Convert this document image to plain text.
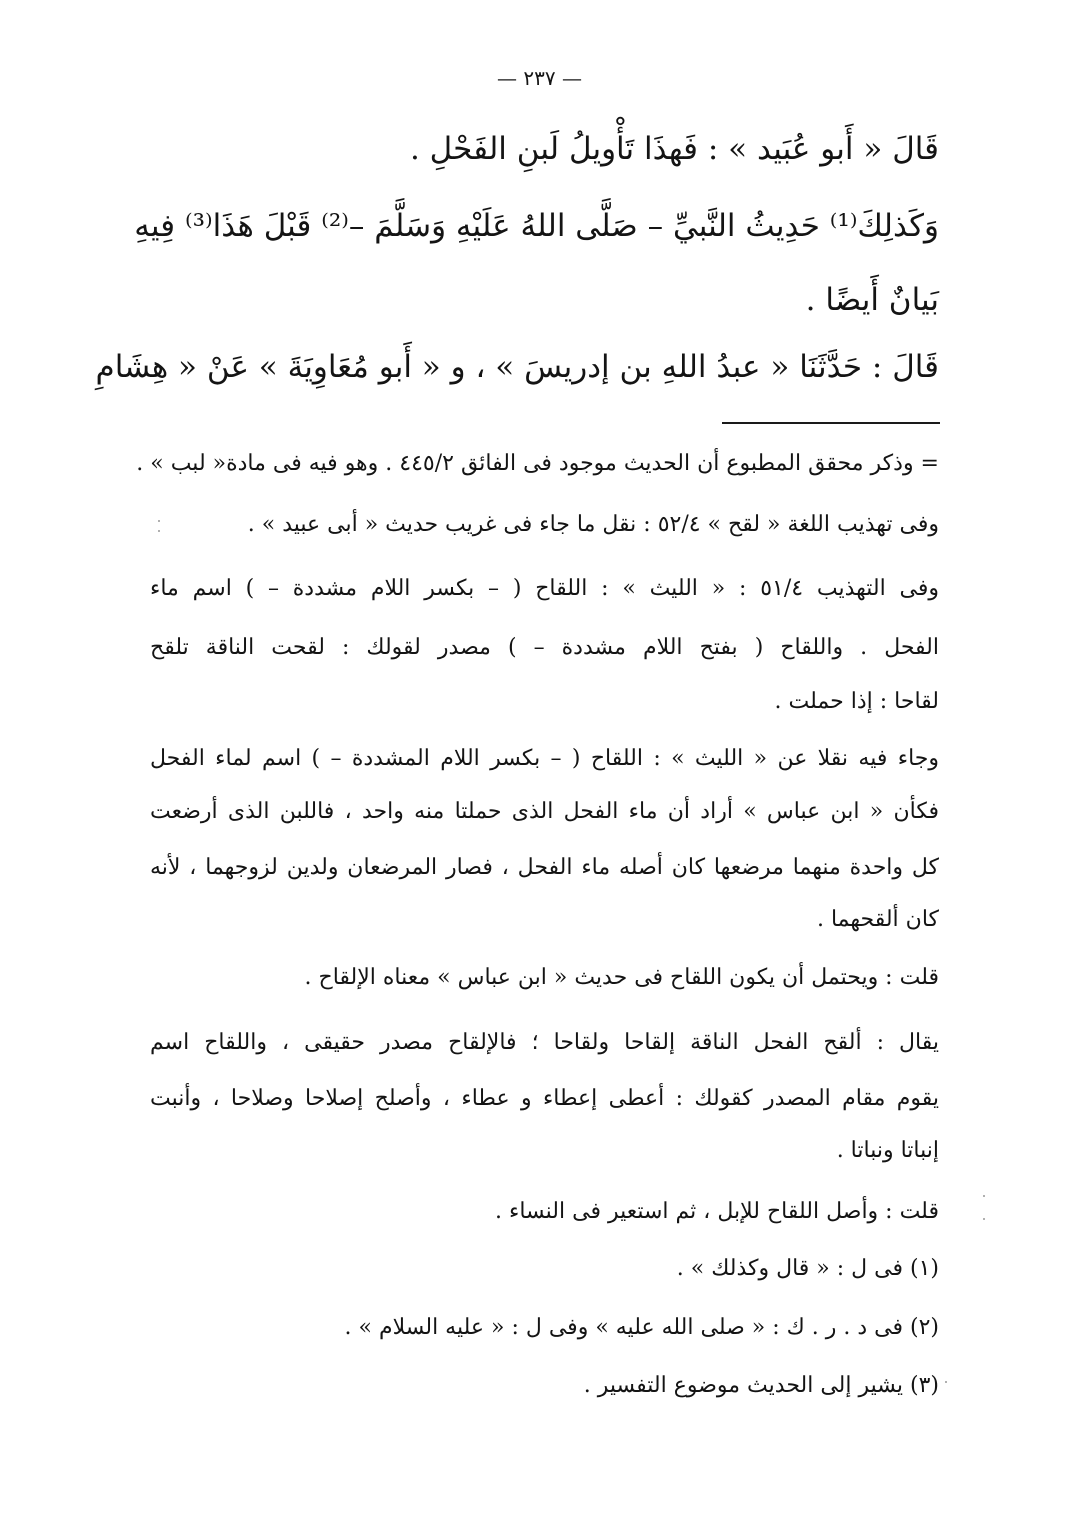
— ٢٣٧ —
قَالَ « أَبو عُبَيد » : فَهذَا تَأْويلُ لَبنِ الفَحْلِ .
وَكَذلِكَ⁽¹⁾ حَدِيثُ النَّبيِّ – صَلَّى اللهُ عَلَيْهِ وَسَلَّمَ –⁽²⁾ قَبْلَ هَذَا⁽³⁾ فِيهِ
بَيانٌ أَيضًا .
قَالَ : حَدَّثَنَا « عبدُ اللهِ بن إدريسَ » ، و « أَبو مُعَاوِيَةَ » عَنْ « هِشَامِ
= وذكر محقق المطبوع أن الحديث موجود فى الفائق ٤٤٥/٢ . وهو فيه فى مادة« لبب » .
وفى تهذيب اللغة « لقح » ٥٢/٤ : نقل ما جاء فى غريب حديث « أبى عبيد » .
وفى التهذيب ٥١/٤ : « الليث » : اللقاح ( – بكسر اللام مشددة – ) اسم ماء
الفحل . واللقاح ( بفتح اللام مشددة – ) مصدر لقولك : لقحت الناقة تلقح
لقاحا : إذا حملت .
وجاء فيه نقلا عن « الليث » : اللقاح ( – بكسر اللام المشددة – ) اسم لماء الفحل
فكأن « ابن عباس » أراد أن ماء الفحل الذى حملتا منه واحد ، فاللبن الذى أرضعت
كل واحدة منهما مرضعها كان أصله ماء الفحل ، فصار المرضعان ولدين لزوجهما ، لأنه
كان ألقحهما .
قلت : ويحتمل أن يكون اللقاح فى حديث « ابن عباس » معناه الإلقاح .
يقال : ألقح الفحل الناقة إلقاحا ولقاحا ؛ فالإلقاح مصدر حقيقى ، واللقاح اسم
يقوم مقام المصدر كقولك : أعطى إعطاء و عطاء ، وأصلح إصلاحا وصلاحا ، وأنبت
إنباتا ونباتا .
قلت : وأصل اللقاح للإبل ، ثم استعير فى النساء .
(١) فى ل : « قال وكذلك » .
(٢) فى د . ر . ك : « صلى الله عليه » وفى ل : « عليه السلام » .
(٣) يشير إلى الحديث موضوع التفسير .
